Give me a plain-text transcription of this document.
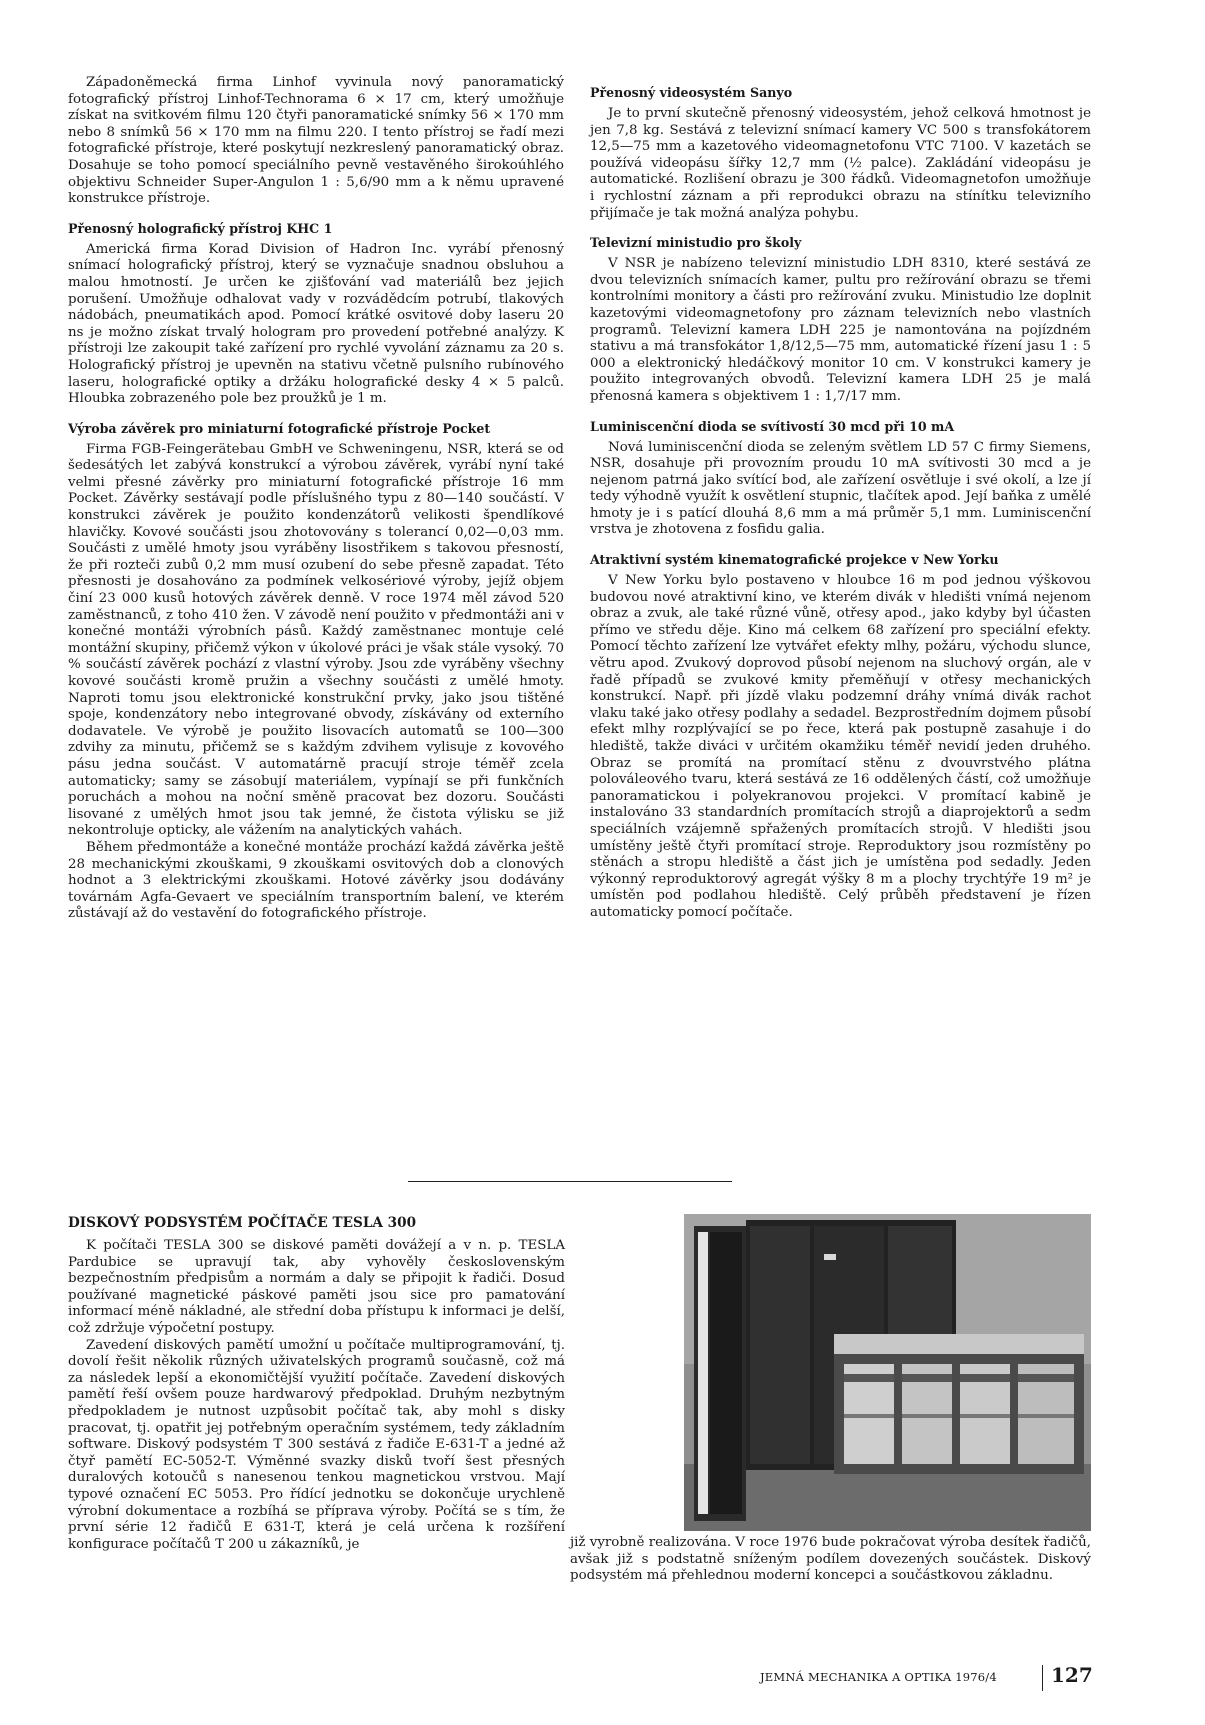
Západoněmecká firma Linhof vyvinula nový panoramatický fotografický přístroj Linhof-Technorama 6 × 17 cm, který umožňuje získat na svitkovém filmu 120 čtyři panoramatické snímky 56 × 170 mm nebo 8 snímků 56 × 170 mm na filmu 220. I tento přístroj se řadí mezi fotografické přístroje, které poskytují nezkreslený panoramatický obraz. Dosahuje se toho pomocí speciálního pevně vestavěného širokoúhlého objektivu Schneider Super-Angulon 1 : 5,6/90 mm a k němu upravené konstrukce přístroje.

Přenosný holografický přístroj KHC 1

Americká firma Korad Division of Hadron Inc. vyrábí přenosný snímací holografický přístroj, který se vyznačuje snadnou obsluhou a malou hmotností. Je určen ke zjišťování vad materiálů bez jejich porušení. Umožňuje odhalovat vady v rozvádědcím potrubí, tlakových nádobách, pneumatikách apod. Pomocí krátké osvitové doby laseru 20 ns je možno získat trvalý hologram pro provedení potřebné analýzy. K přístroji lze zakoupit také zařízení pro rychlé vyvolání záznamu za 20 s. Holografický přístroj je upevněn na stativu včetně pulsního rubínového laseru, holografické optiky a držáku holografické desky 4 × 5 palců. Hloubka zobrazeného pole bez proužků je 1 m.

Výroba závěrek pro miniaturní fotografické přístroje Pocket

Firma FGB-Feingerätebau GmbH ve Schweningenu, NSR, která se od šedesátých let zabývá konstrukcí a výrobou závěrek, vyrábí nyní také velmi přesné závěrky pro miniaturní fotografické přístroje 16 mm Pocket. Závěrky sestávají podle příslušného typu z 80—140 součástí. V konstrukci závěrek je použito kondenzátorů velikosti špendlíkové hlavičky. Kovové součásti jsou zhotovovány s tolerancí 0,02—0,03 mm. Součásti z umělé hmoty jsou vyráběny lisostřikem s takovou přesností, že při rozteči zubů 0,2 mm musí ozubení do sebe přesně zapadat. Této přesnosti je dosahováno za podmínek velkosériové výroby, jejíž objem činí 23 000 kusů hotových závěrek denně. V roce 1974 měl závod 520 zaměstnanců, z toho 410 žen. V závodě není použito v předmontáži ani v konečné montáži výrobních pásů. Každý zaměstnanec montuje celé montážní skupiny, přičemž výkon v úkolové práci je však stále vysoký. 70 % součástí závěrek pochází z vlastní výroby. Jsou zde vyráběny všechny kovové součásti kromě pružin a všechny součásti z umělé hmoty. Naproti tomu jsou elektronické konstrukční prvky, jako jsou tištěné spoje, kondenzátory nebo integrované obvody, získávány od externího dodavatele. Ve výrobě je použito lisovacích automatů se 100—300 zdvihy za minutu, přičemž se s každým zdvihem vylisuje z kovového pásu jedna součást. V automatárně pracují stroje téměř zcela automaticky; samy se zásobují materiálem, vypínají se při funkčních poruchách a mohou na noční směně pracovat bez dozoru. Součásti lisované z umělých hmot jsou tak jemné, že čistota výlisku se již nekontroluje opticky, ale vážením na analytických vahách.

Během předmontáže a konečné montáže prochází každá závěrka ještě 28 mechanickými zkouškami, 9 zkouškami osvitových dob a clonových hodnot a 3 elektrickými zkouškami. Hotové závěrky jsou dodávány továrnám Agfa-Gevaert ve speciálním transportním balení, ve kterém zůstávají až do vestavění do fotografického přístroje.

Přenosný videosystém Sanyo

Je to první skutečně přenosný videosystém, jehož celková hmotnost je jen 7,8 kg. Sestává z televizní snímací kamery VC 500 s transfokátorem 12,5—75 mm a kazetového videomagnetofonu VTC 7100. V kazetách se používá videopásu šířky 12,7 mm (½ palce). Zakládání videopásu je automatické. Rozlišení obrazu je 300 řádků. Videomagnetofon umožňuje i rychlostní záznam a při reprodukci obrazu na stínítku televizního přijímače je tak možná analýza pohybu.

Televizní ministudio pro školy

V NSR je nabízeno televizní ministudio LDH 8310, které sestává ze dvou televizních snímacích kamer, pultu pro režírování obrazu se třemi kontrolními monitory a části pro režírování zvuku. Ministudio lze doplnit kazetovými videomagnetofony pro záznam televizních nebo vlastních programů. Televizní kamera LDH 225 je namontována na pojízdném stativu a má transfokátor 1,8/12,5—75 mm, automatické řízení jasu 1 : 5 000 a elektronický hledáčkový monitor 10 cm. V konstrukci kamery je použito integrovaných obvodů. Televizní kamera LDH 25 je malá přenosná kamera s objektivem 1 : 1,7/17 mm.

Luminiscenční dioda se svítivostí 30 mcd při 10 mA

Nová luminiscenční dioda se zeleným světlem LD 57 C firmy Siemens, NSR, dosahuje při provozním proudu 10 mA svítivosti 30 mcd a je nejenom patrná jako svítící bod, ale zařízení osvětluje i své okolí, a lze jí tedy výhodně využít k osvětlení stupnic, tlačítek apod. Její baňka z umělé hmoty je i s patící dlouhá 8,6 mm a má průměr 5,1 mm. Luminiscenční vrstva je zhotovena z fosfidu galia.

Atraktivní systém kinematografické projekce v New Yorku

V New Yorku bylo postaveno v hloubce 16 m pod jednou výškovou budovou nové atraktivní kino, ve kterém divák v hledišti vnímá nejenom obraz a zvuk, ale také různé vůně, otřesy apod., jako kdyby byl účasten přímo ve středu děje. Kino má celkem 68 zařízení pro speciální efekty. Pomocí těchto zařízení lze vytvářet efekty mlhy, požáru, východu slunce, větru apod. Zvukový doprovod působí nejenom na sluchový orgán, ale v řadě případů se zvukové kmity přeměňují v otřesy mechanických konstrukcí. Např. při jízdě vlaku podzemní dráhy vnímá divák rachot vlaku také jako otřesy podlahy a sedadel. Bezprostředním dojmem působí efekt mlhy rozplývající se po řece, která pak postupně zasahuje i do hlediště, takže diváci v určitém okamžiku téměř nevidí jeden druhého. Obraz se promítá na promítací stěnu z dvouvrstvého plátna polováleového tvaru, která sestává ze 16 oddělených částí, což umožňuje panoramatickou i polyekranovou projekci. V promítací kabině je instalováno 33 standardních promítacích strojů a diaprojektorů a sedm speciálních vzájemně spřažených promítacích strojů. V hledišti jsou umístěny ještě čtyři promítací stroje. Reproduktory jsou rozmístěny po stěnách a stropu hlediště a část jich je umístěna pod sedadly. Jeden výkonný reproduktorový agregát výšky 8 m a plochy trychtýře 19 m² je umístěn pod podlahou hlediště. Celý průběh představení je řízen automaticky pomocí počítače.

DISKOVÝ PODSYSTÉM POČÍTAČE TESLA 300

K počítači TESLA 300 se diskové paměti dovážejí a v n. p. TESLA Pardubice se upravují tak, aby vyhověly československým bezpečnostním předpisům a normám a daly se připojit k řadiči. Dosud používané magnetické páskové paměti jsou sice pro pamatování informací méně nákladné, ale střední doba přístupu k informaci je delší, což zdržuje výpočetní postupy.

Zavedení diskových pamětí umožní u počítače multiprogramování, tj. dovolí řešit několik různých uživatelských programů současně, což má za následek lepší a ekonomičtější využití počítače. Zavedení diskových pamětí řeší ovšem pouze hardwarový předpoklad. Druhým nezbytným předpokladem je nutnost uzpůsobit počítač tak, aby mohl s disky pracovat, tj. opatřit jej potřebným operačním systémem, tedy základním software. Diskový podsystém T 300 sestává z řadiče E-631-T a jedné až čtyř pamětí EC-5052-T. Výměnné svazky disků tvoří šest přesných duralových kotoučů s nanesenou tenkou magnetickou vrstvou. Mají typové označení EC 5053. Pro řídící jednotku se dokončuje urychleně výrobní dokumentace a rozbíhá se příprava výroby. Počítá se s tím, že první série 12 řadičů E 631-T, která je celá určena k rozšíření konfigurace počítačů T 200 u zákazníků, je	již vyrobně realizována. V roce 1976 bude pokračovat výroba desítek řadičů, avšak již s podstatně sníženým podílem dovezených součástek. Diskový podsystém má přehlednou moderní koncepci a součástkovou základnu.

JEMNÁ MECHANIKA A OPTIKA 1976/4	127
